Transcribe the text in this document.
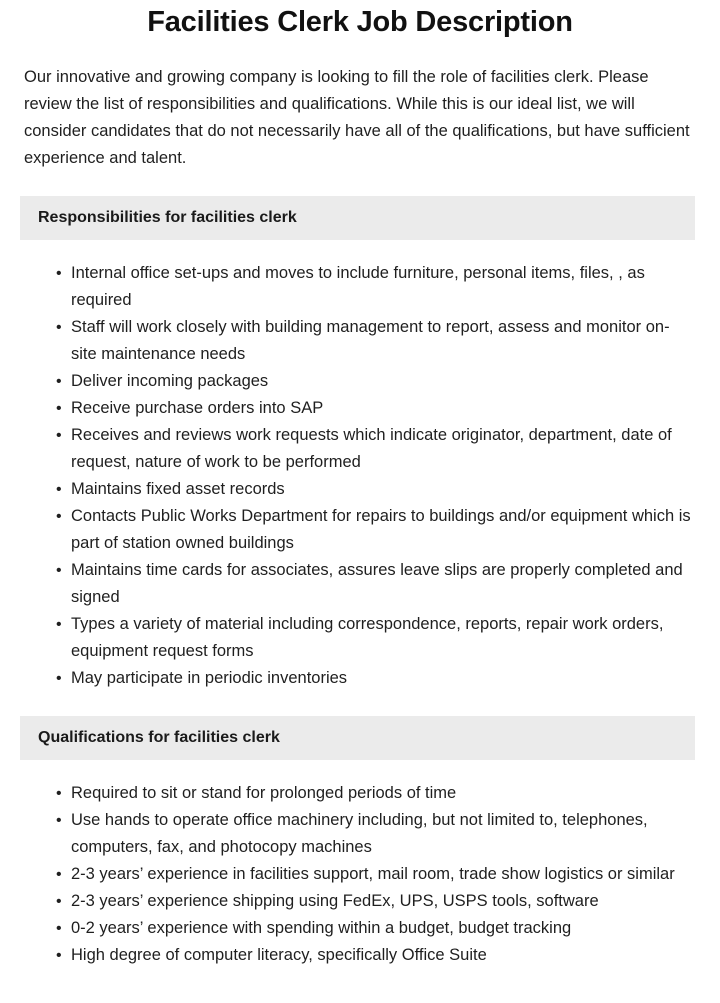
Facilities Clerk Job Description

Our innovative and growing company is looking to fill the role of facilities clerk. Please review the list of responsibilities and qualifications. While this is our ideal list, we will consider candidates that do not necessarily have all of the qualifications, but have sufficient experience and talent.

Responsibilities for facilities clerk
• Internal office set-ups and moves to include furniture, personal items, files, , as required
• Staff will work closely with building management to report, assess and monitor on-site maintenance needs
• Deliver incoming packages
• Receive purchase orders into SAP
• Receives and reviews work requests which indicate originator, department, date of request, nature of work to be performed
• Maintains fixed asset records
• Contacts Public Works Department for repairs to buildings and/or equipment which is part of station owned buildings
• Maintains time cards for associates, assures leave slips are properly completed and signed
• Types a variety of material including correspondence, reports, repair work orders, equipment request forms
• May participate in periodic inventories
Qualifications for facilities clerk
• Required to sit or stand for prolonged periods of time
• Use hands to operate office machinery including, but not limited to, telephones, computers, fax, and photocopy machines
• 2-3 years’ experience in facilities support, mail room, trade show logistics or similar
• 2-3 years’ experience shipping using FedEx, UPS, USPS tools, software
• 0-2 years’ experience with spending within a budget, budget tracking
• High degree of computer literacy, specifically Office Suite
